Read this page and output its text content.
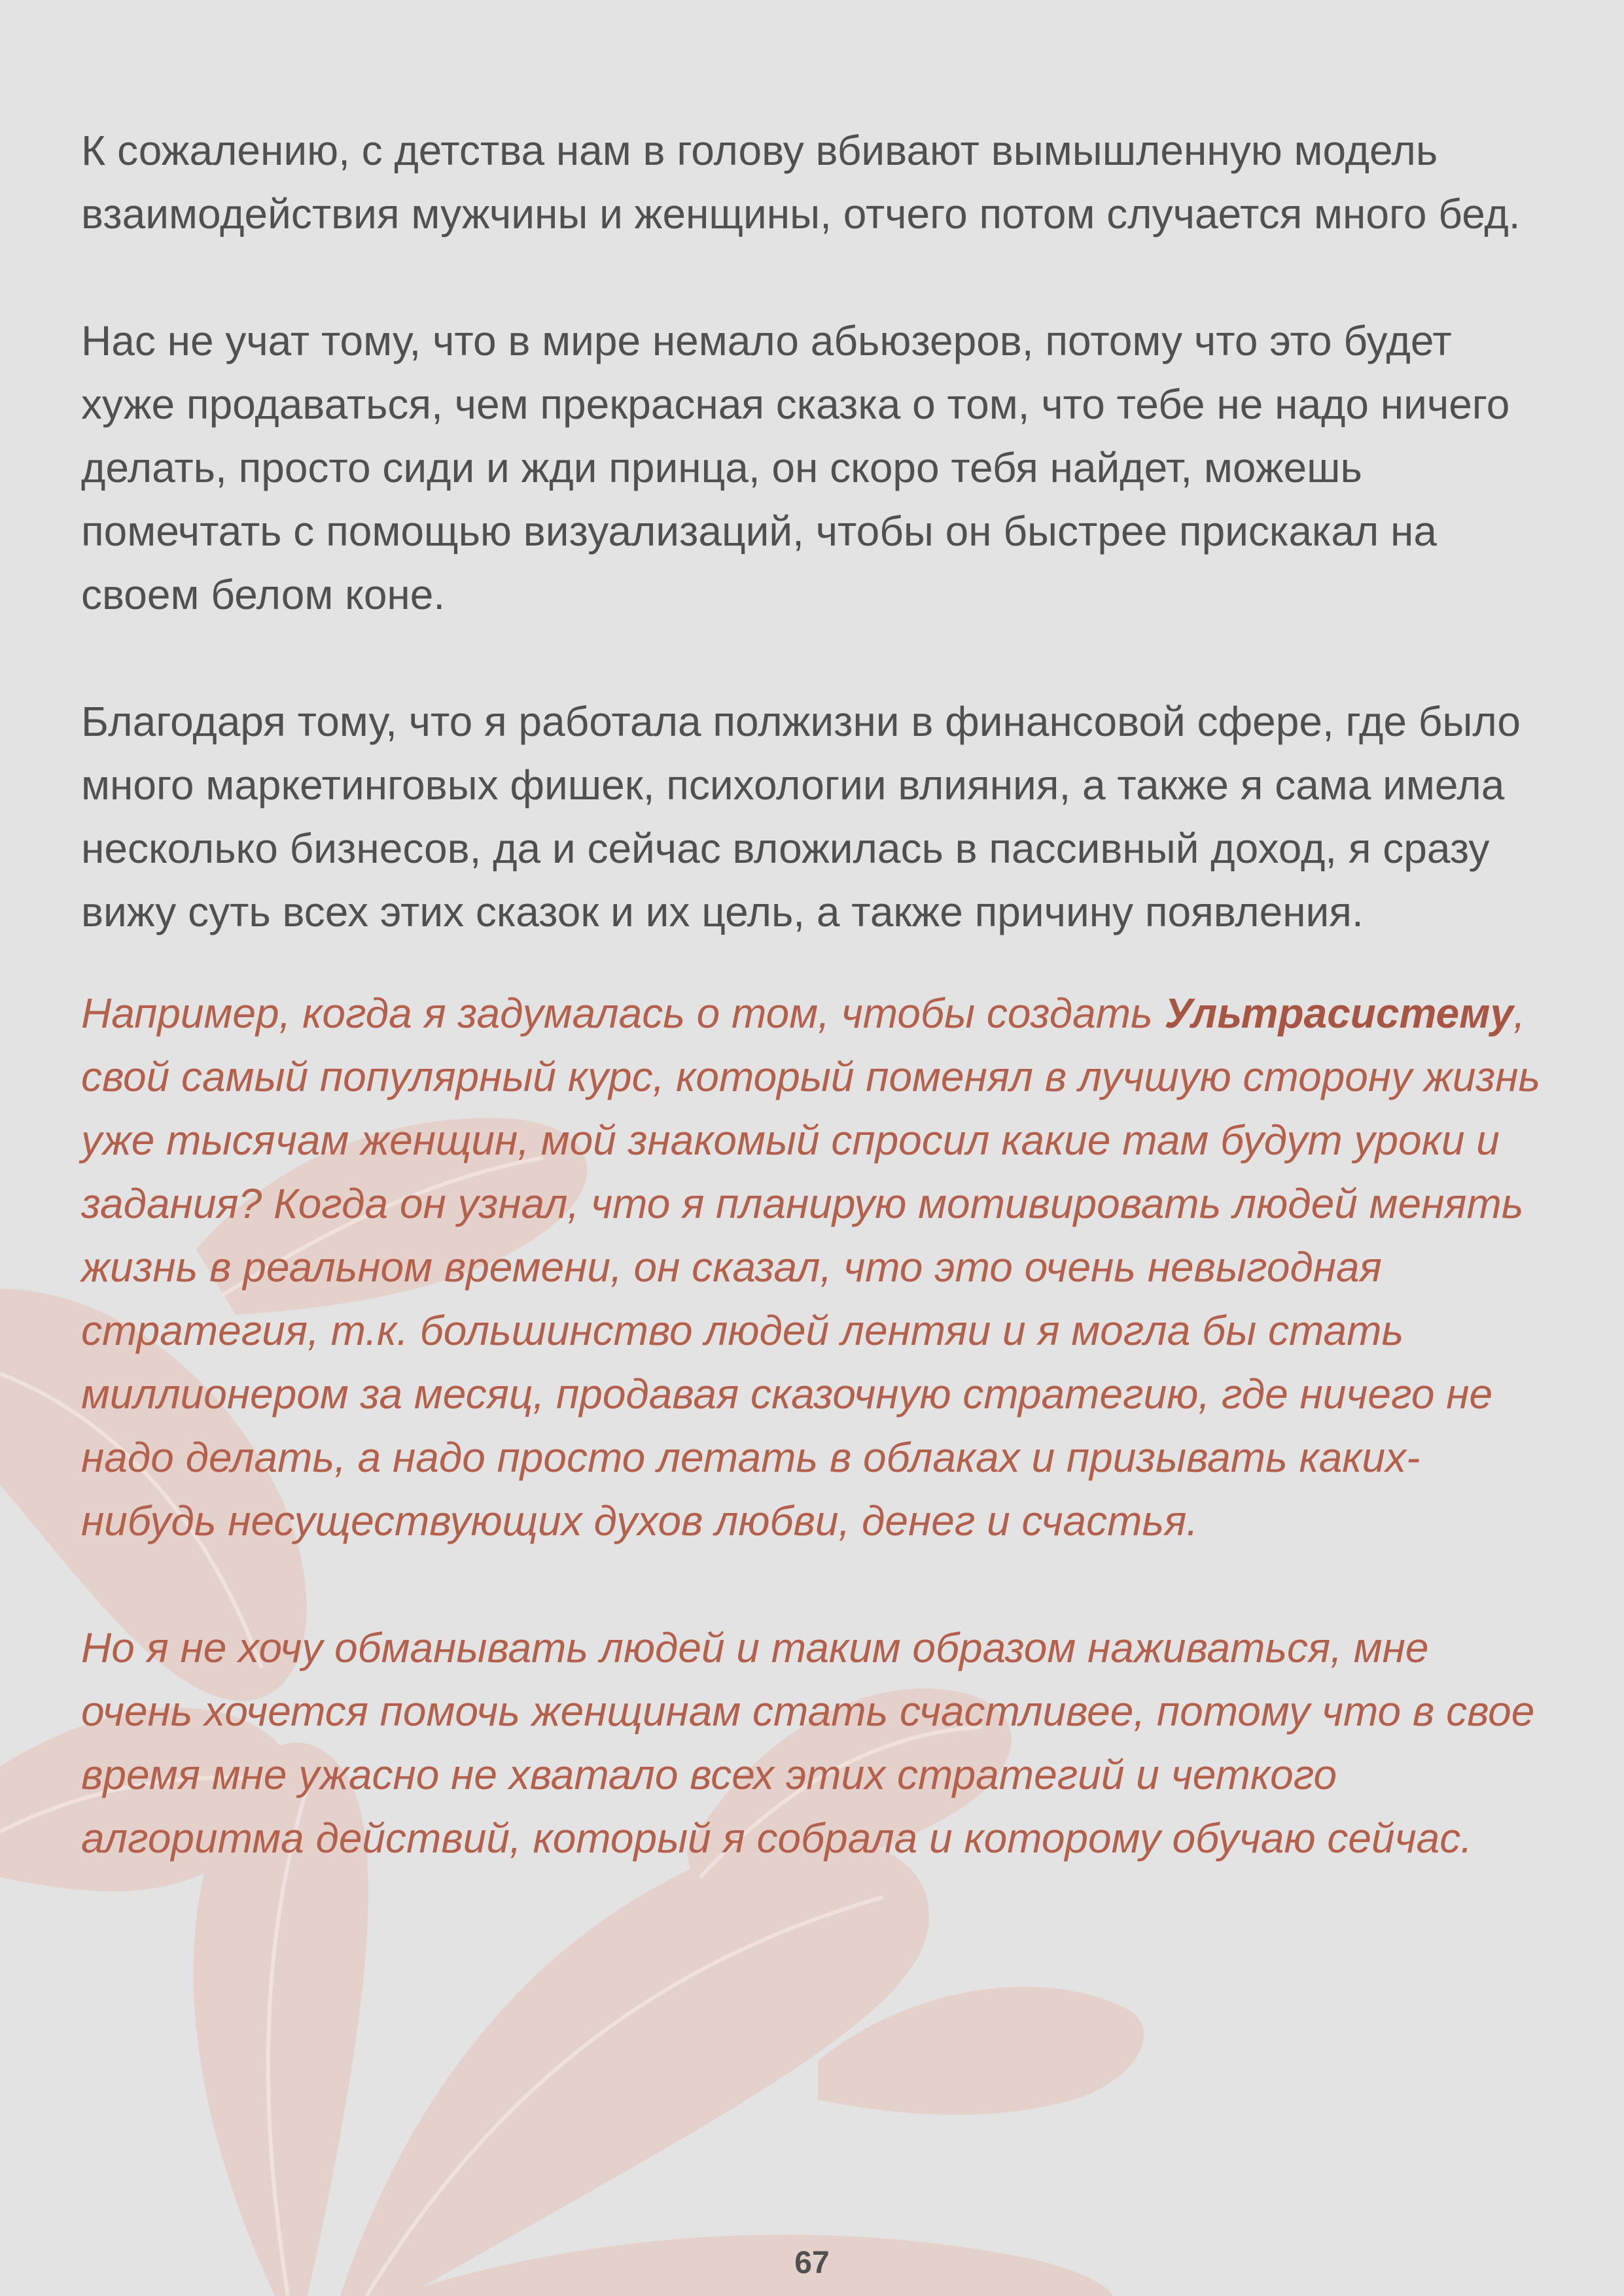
К сожалению, с детства нам в голову вбивают вымышленную модель взаимодействия мужчины и женщины, отчего потом случается много бед.

Нас не учат тому, что в мире немало абьюзеров, потому что это будет хуже продаваться, чем прекрасная сказка о том, что тебе не надо ничего делать, просто сиди и жди принца, он скоро тебя найдет, можешь помечтать с помощью визуализаций, чтобы он быстрее прискакал на своем белом коне.

Благодаря тому, что я работала полжизни в финансовой сфере, где было много маркетинговых фишек, психологии влияния, а также я сама имела несколько бизнесов, да и сейчас вложилась в пассивный доход, я сразу вижу суть всех этих сказок и их цель, а также причину появления.

Например, когда я задумалась о том, чтобы создать Ультрасистему, свой самый популярный курс, который поменял в лучшую сторону жизнь уже тысячам женщин, мой знакомый спросил какие там будут уроки и задания? Когда он узнал, что я планирую мотивировать людей менять жизнь в реальном времени, он сказал, что это очень невыгодная стратегия, т.к. большинство людей лентяи и я могла бы стать миллионером за месяц, продавая сказочную стратегию, где ничего не надо делать, а надо просто летать в облаках и призывать каких-нибудь несуществующих духов любви, денег и счастья.

Но я не хочу обманывать людей и таким образом наживаться, мне очень хочется помочь женщинам стать счастливее, потому что в свое время мне ужасно не хватало всех этих стратегий и четкого алгоритма действий, который я собрала и которому обучаю сейчас.

67
